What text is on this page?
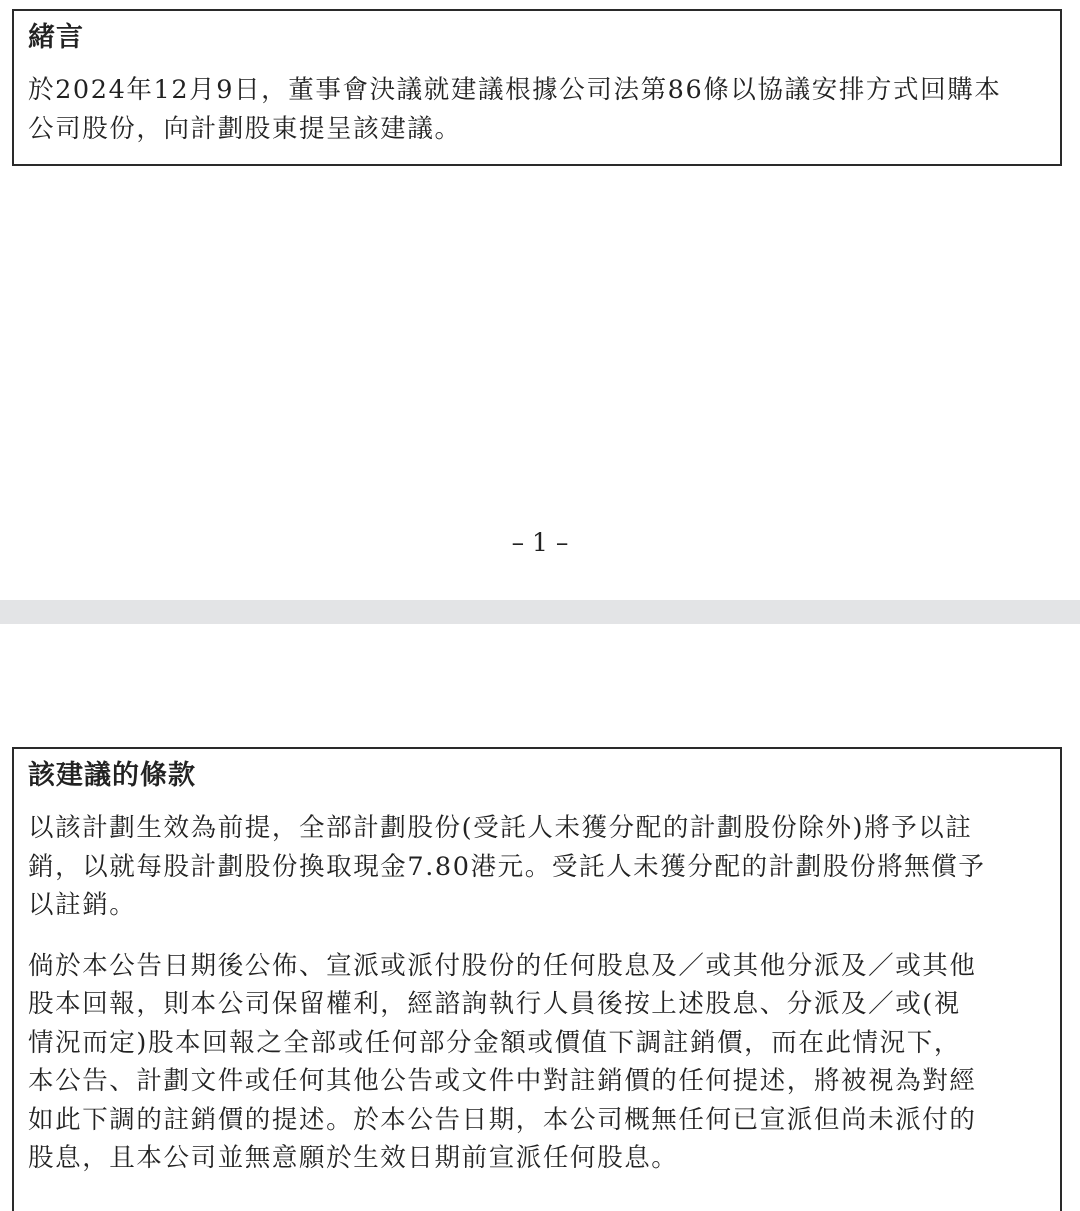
緒言
於2024年12月9日，董事會決議就建議根據公司法第86條以協議安排方式回購本
公司股份，向計劃股東提呈該建議。
– 1 –
該建議的條款
以該計劃生效為前提，全部計劃股份(受託人未獲分配的計劃股份除外)將予以註
銷，以就每股計劃股份換取現金7.80港元。受託人未獲分配的計劃股份將無償予
以註銷。
倘於本公告日期後公佈、宣派或派付股份的任何股息及／或其他分派及／或其他
股本回報，則本公司保留權利，經諮詢執行人員後按上述股息、分派及／或(視
情況而定)股本回報之全部或任何部分金額或價值下調註銷價，而在此情況下，
本公告、計劃文件或任何其他公告或文件中對註銷價的任何提述，將被視為對經
如此下調的註銷價的提述。於本公告日期，本公司概無任何已宣派但尚未派付的
股息，且本公司並無意願於生效日期前宣派任何股息。
